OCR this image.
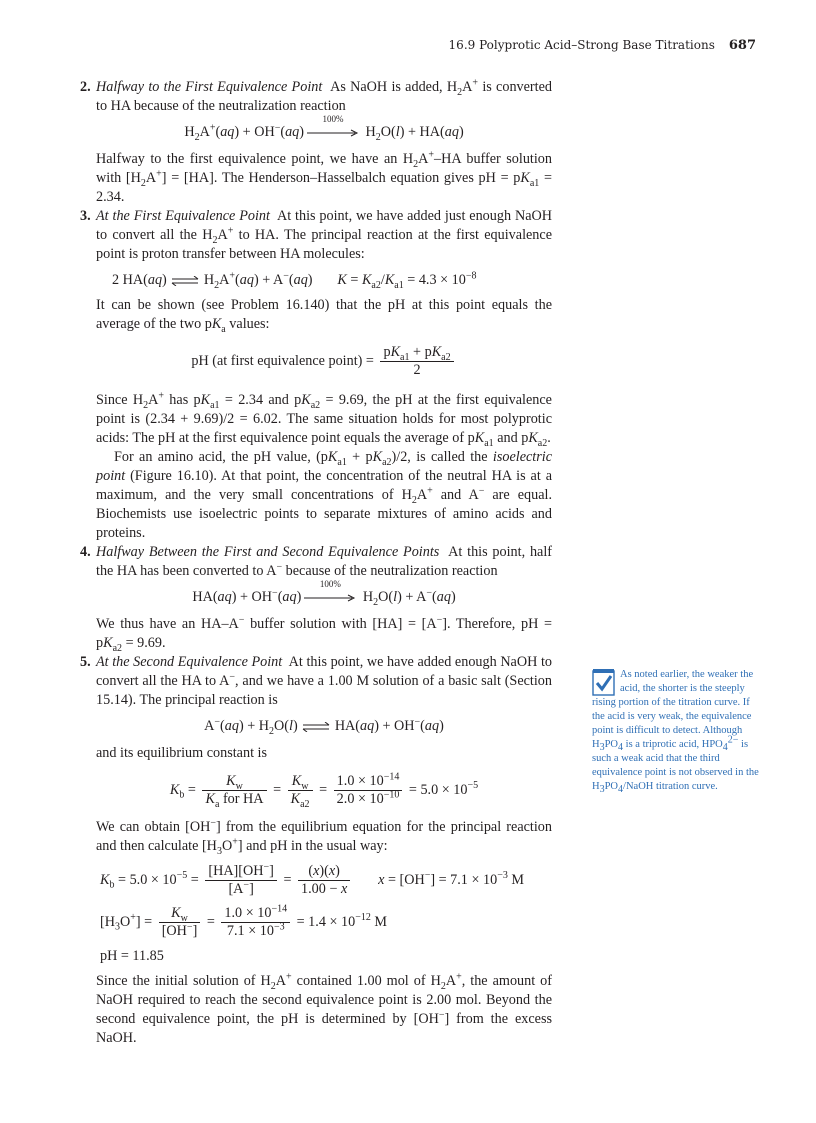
16.9 Polyprotic Acid–Strong Base Titrations 687
2. Halfway to the First Equivalence Point  As NaOH is added, $H_2A^+$ is converted to HA because of the neutralization reaction

$H_2A^+(aq) + OH^-(aq)$
100%
$H_2O(l) + HA(aq)$

Halfway to the first equivalence point, we have an $H_2A^+-HA$ buffer solution with $[H_2A^+] = [HA]$. The Henderson–Hasselbalch equation gives pH = $pK_{a1} = 2.34$.

3. At the First Equivalence Point  At this point, we have added just enough NaOH to convert all the $H_2A^+$ to HA. The principal reaction at the first equivalence point is proton transfer between HA molecules:

2 HA(aq)  $H_2A^+(aq) + A^-(aq)$       $K = K_{a2}/K_{a1} = 4.3 \times 10^{-8}$

It can be shown (see Problem 16.140) that the pH at this point equals the average of the two $pK_a$ values:

pH (at first equivalence point) = $\frac{pK_{a1} + pK_{a2}}{2}$

Since $H_2A^+$ has $pK_{a1} = 2.34$ and $pK_{a2} = 9.69$, the pH at the first equivalence point is (2.34 + 9.69)/2 = 6.02. The same situation holds for most polyprotic acids: The pH at the first equivalence point equals the average of $pK_{a1}$ and $pK_{a2}$.

For an amino acid, the pH value, $(pK_{a1} + pK_{a2})/2$, is called the isoelectric point (Figure 16.10). At that point, the concentration of the neutral HA is at a maximum, and the very small concentrations of $H_2A^+$ and A− are equal. Biochemists use isoelectric points to separate mixtures of amino acids and proteins.

4. Halfway Between the First and Second Equivalence Points  At this point, half the HA has been converted to A− because of the neutralization reaction

HA(aq) + OH−(aq)
100%
$H_2O(l) + A^-(aq)$

We thus have an HA–A− buffer solution with [HA] = [A−]. Therefore, pH = $pK_{a2} = 9.69$.

5. At the Second Equivalence Point  At this point, we have added enough NaOH to convert all the HA to A−, and we have a 1.00 M solution of a basic salt (Section 15.14). The principal reaction is

$A^-(aq) + H_2O(l) HA(aq) + OH^-(aq)$

and its equilibrium constant is

$K_b = \frac{K_w}{K_a for HA} = \frac{K_w}{K_{a2}} = \frac{1.0 \times 10^{-14}}{2.0 \times 10^{-10}} = 5.0 \times 10^{-5}$

We can obtain [OH−] from the equilibrium equation for the principal reaction and then calculate $[H_3O^+]$ and pH in the usual way:

$K_b = 5.0 \times 10^{-5} = \frac{[HA][OH^-]}{[A^-]} = \frac{(x)(x)}{1.00 - x}$ $x = [OH^-] = 7.1 \times 10^{-3}$ M
$[H_3O^+] = \frac{K_w}{[OH^-]} = \frac{1.0 \times 10^{-14}}{7.1 \times 10^{-3}} = 1.4 \times 10^{-12}$ M
pH = 11.85

Since the initial solution of $H_2A^+$ contained 1.00 mol of $H_2A^+$, the amount of NaOH required to reach the second equivalence point is 2.00 mol. Beyond the second equivalence point, the pH is determined by [OH−] from the excess NaOH.

As noted earlier, the weaker the acid, the shorter is the steeply rising portion of the titration curve. If the acid is very weak, the equivalence point is difficult to detect. Although $H_3PO_4$ is a triprotic acid, $HPO_4^{2-}$ is such a weak acid that the third equivalence point is not observed in the $H_3PO_4$/NaOH titration curve.
